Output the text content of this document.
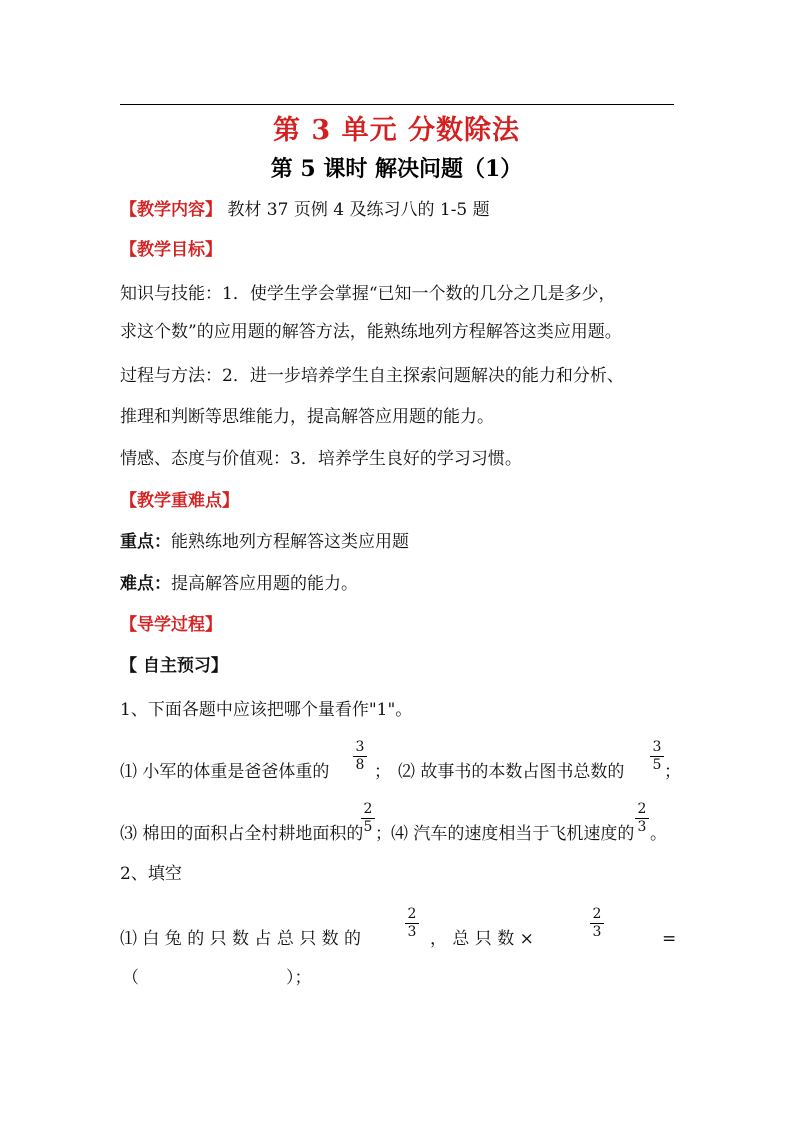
第 3 单元 分数除法
第 5 课时 解决问题（1）
【教学内容】 教材 37 页例 4 及练习八的 1-5 题
【教学目标】
知识与技能：1．使学生学会掌握“已知一个数的几分之几是多少，
求这个数”的应用题的解答方法，能熟练地列方程解答这类应用题。
过程与方法：2．进一步培养学生自主探索问题解决的能力和分析、
推理和判断等思维能力，提高解答应用题的能力。
情感、态度与价值观：3．培养学生良好的学习习惯。
【教学重难点】
重点：能熟练地列方程解答这类应用题
难点：提高解答应用题的能力。
【导学过程】
【 自主预习】
1、下面各题中应该把哪个量看作"1"。
⑴ 小军的体重是爸爸体重的
3
8 ； ⑵ 故事书的本数占图书总数的
3
5 ；
⑶ 棉田的面积占全村耕地面积的
2
5 ； ⑷ 汽车的速度相当于飞机速度的
2
3 。
2、填空
⑴ 白 兔 的 只 数 占 总 只 数 的
2
3 ， 总 只 数 ×
2
3	=
（	）；
